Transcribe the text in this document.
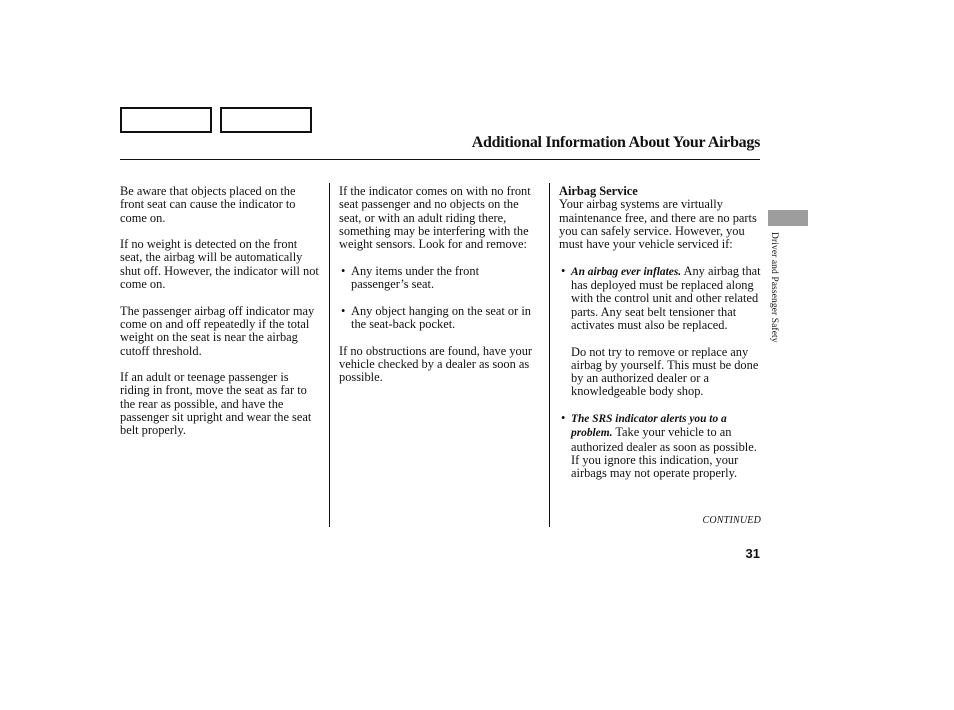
Additional Information About Your Airbags

Be aware that objects placed on the front seat can cause the indicator to come on.

If no weight is detected on the front seat, the airbag will be automatically shut off. However, the indicator will not come on.

The passenger airbag off indicator may come on and off repeatedly if the total weight on the seat is near the airbag cutoff threshold.

If an adult or teenage passenger is riding in front, move the seat as far to the rear as possible, and have the passenger sit upright and wear the seat belt properly.

If the indicator comes on with no front seat passenger and no objects on the seat, or with an adult riding there, something may be interfering with the weight sensors. Look for and remove:

• Any items under the front passenger’s seat.
• Any object hanging on the seat or in the seat-back pocket.

If no obstructions are found, have your vehicle checked by a dealer as soon as possible.

Airbag Service

Your airbag systems are virtually maintenance free, and there are no parts you can safely service. However, you must have your vehicle serviced if:

• An airbag ever inflates. Any airbag that has deployed must be replaced along with the control unit and other related parts. Any seat belt tensioner that activates must also be replaced.

Do not try to remove or replace any airbag by yourself. This must be done by an authorized dealer or a knowledgeable body shop.

• The SRS indicator alerts you to a problem. Take your vehicle to an authorized dealer as soon as possible. If you ignore this indication, your airbags may not operate properly.
CONTINUED
31
Driver and Passenger Safety
